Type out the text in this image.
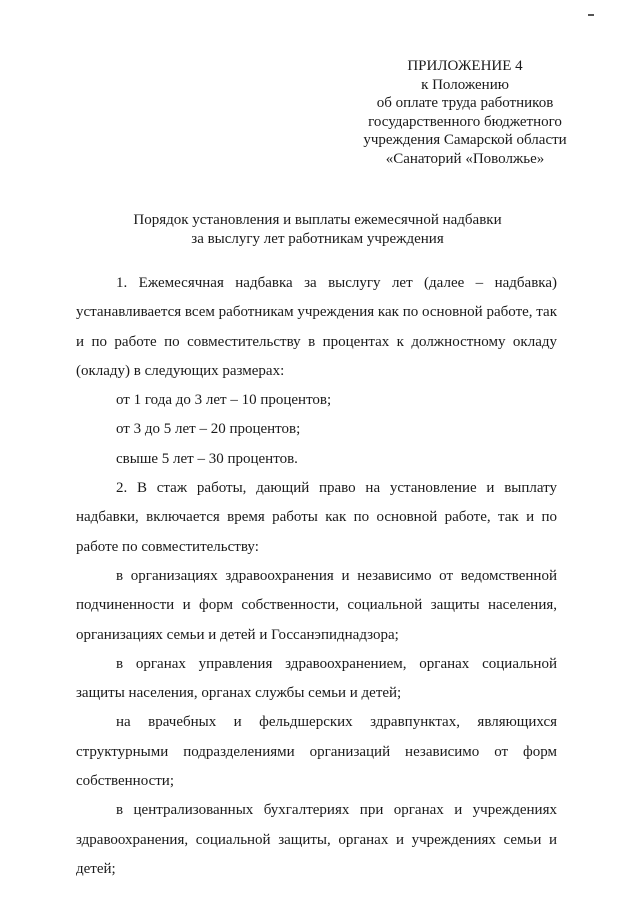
ПРИЛОЖЕНИЕ 4
к Положению
об оплате труда работников
государственного бюджетного
учреждения Самарской области
«Санаторий «Поволжье»
Порядок установления и выплаты ежемесячной надбавки
за выслугу лет работникам учреждения

1. Ежемесячная надбавка за выслугу лет (далее – надбавка) устанавливается всем работникам учреждения как по основной работе, так и по работе по совместительству в процентах к должностному окладу (окладу) в следующих размерах:

от 1 года до 3 лет – 10 процентов;

от 3 до 5 лет – 20 процентов;

свыше 5 лет – 30 процентов.

2. В стаж работы, дающий право на установление и выплату надбавки, включается время работы как по основной работе, так и по работе по совместительству:

в организациях здравоохранения и независимо от ведомственной подчиненности и форм собственности, социальной защиты населения, организациях семьи и детей и Госсанэпиднадзора;

в органах управления здравоохранением, органах социальной защиты населения, органах службы семьи и детей;

на врачебных и фельдшерских здравпунктах, являющихся

структурными подразделениями организаций независимо от форм

собственности;

в централизованных бухгалтериях при органах и учреждениях здравоохранения, социальной защиты, органах и учреждениях семьи и детей;
